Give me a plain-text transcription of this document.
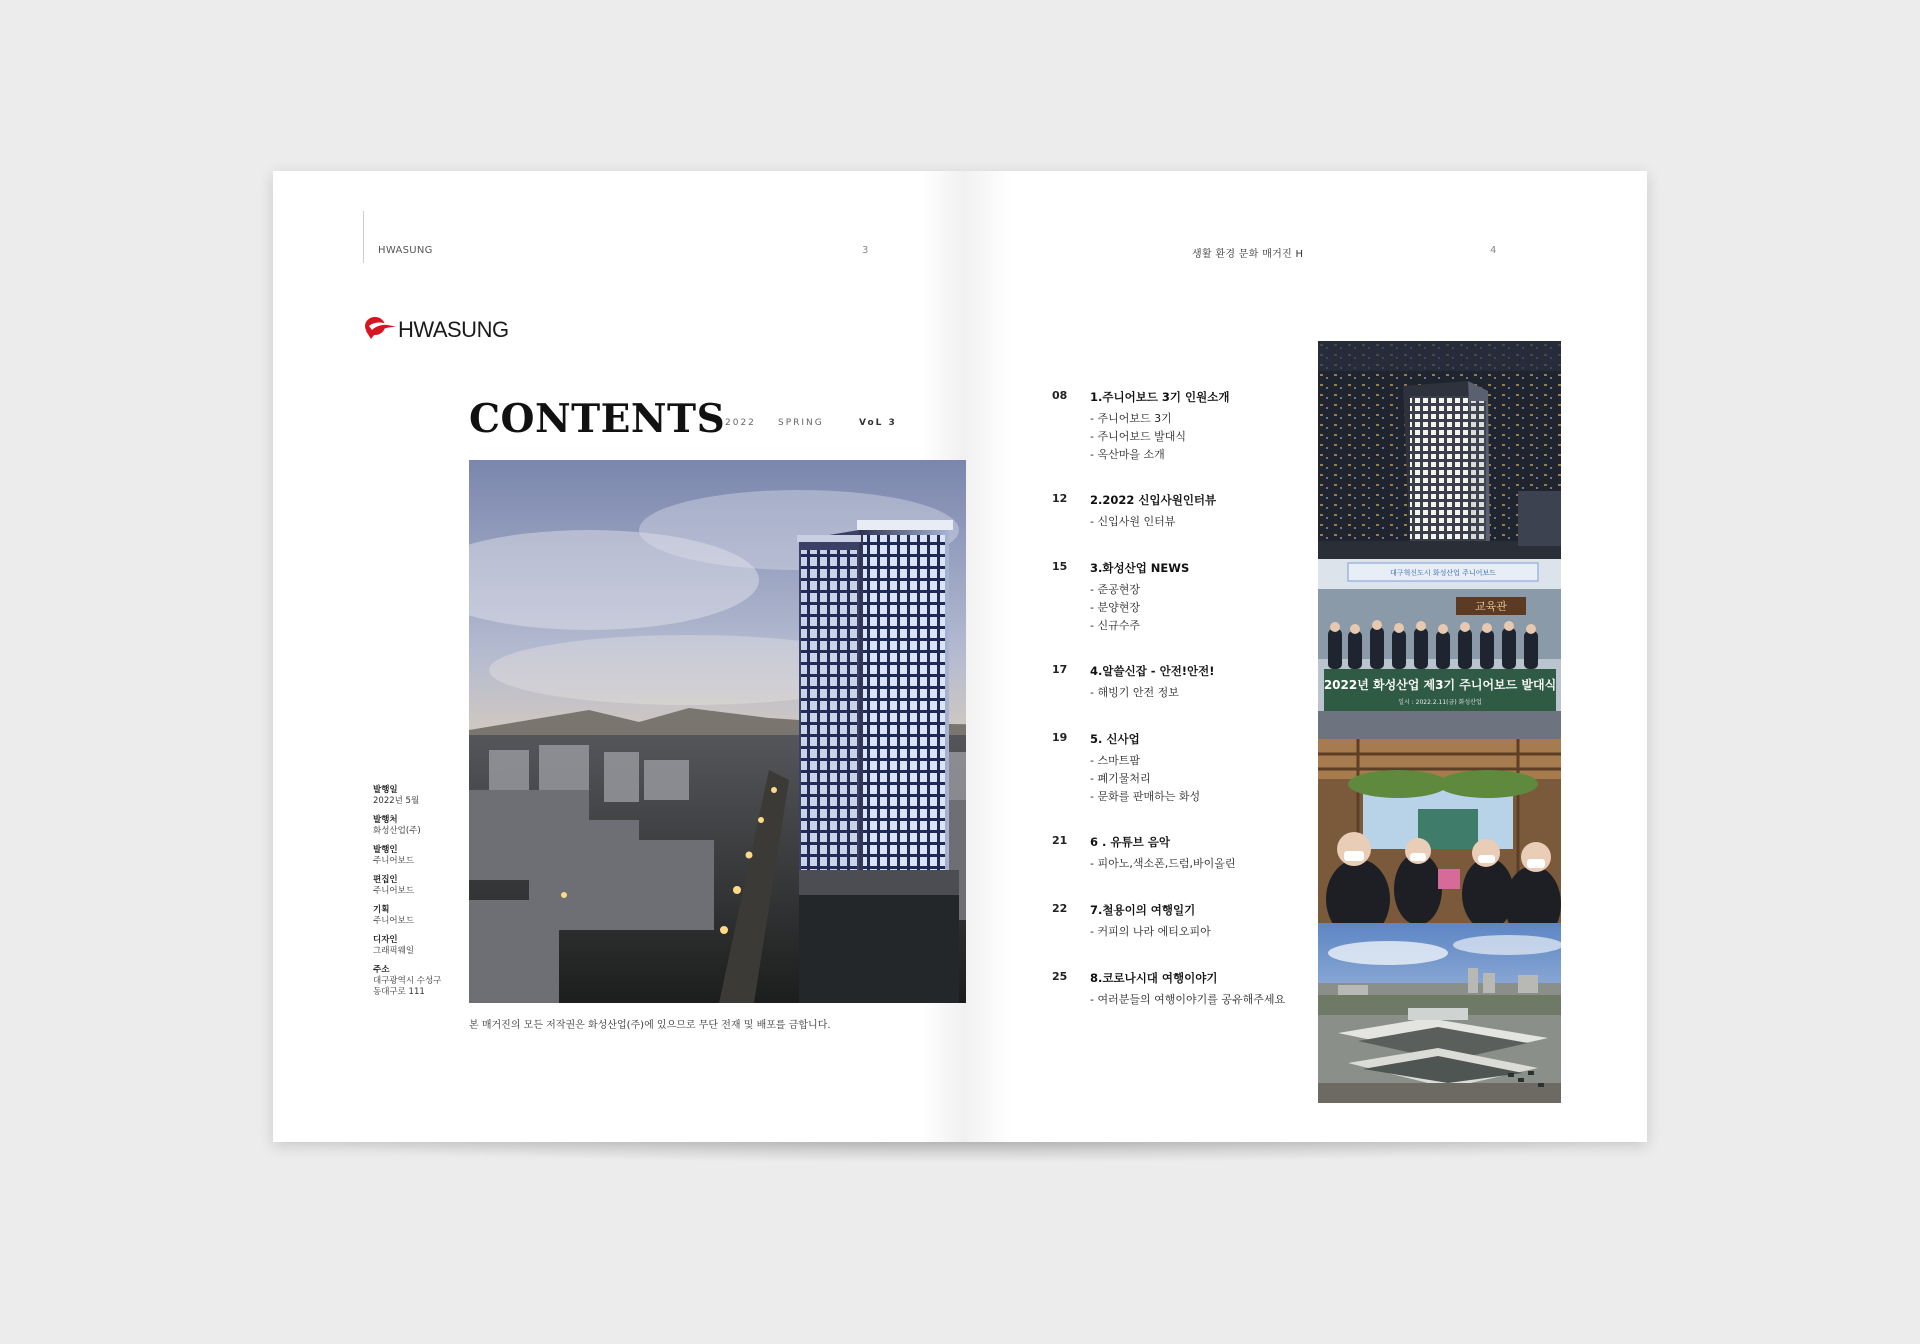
HWASUNG	3
HWASUNG
CONTENTS 2022 SPRING	VoL 3
본 매거진의 모든 저작권은 화성산업(주)에 있으므로 무단 전재 및 배포를 금합니다.
발행일
2022년 5월
발행처
화성산업(주)
발행인
주니어보드
편집인
주니어보드
기획
주니어보드
디자인
그래픽웨일
주소
대구광역시 수성구 동대구로 111
생활 환경 문화 매거진 H	4
08 1.주니어보드 3기 인원소개
- 주니어보드 3기
- 주니어보드 발대식
- 옥산마을 소개
12 2.2022 신입사원인터뷰
- 신입사원 인터뷰
15 3.화성산업 NEWS
- 준공현장
- 분양현장
- 신규수주
17 4.알쓸신잡 - 안전!안전!
- 해빙기 안전 정보
19 5. 신사업
- 스마트팜
- 폐기물처리
- 문화를 판매하는 화성
21 6 . 유튜브 음악
- 피아노,색소폰,드럼,바이올린
22 7.철용이의 여행일기
- 커피의 나라 에티오피아
25 8.코로나시대 여행이야기
- 여러분들의 여행이야기를 공유해주세요
대구혁신도시 화성산업 주니어보드
교육관
2022년 화성산업 제3기 주니어보드 발대식
일시 : 2022.2.11(금) 화성산업
